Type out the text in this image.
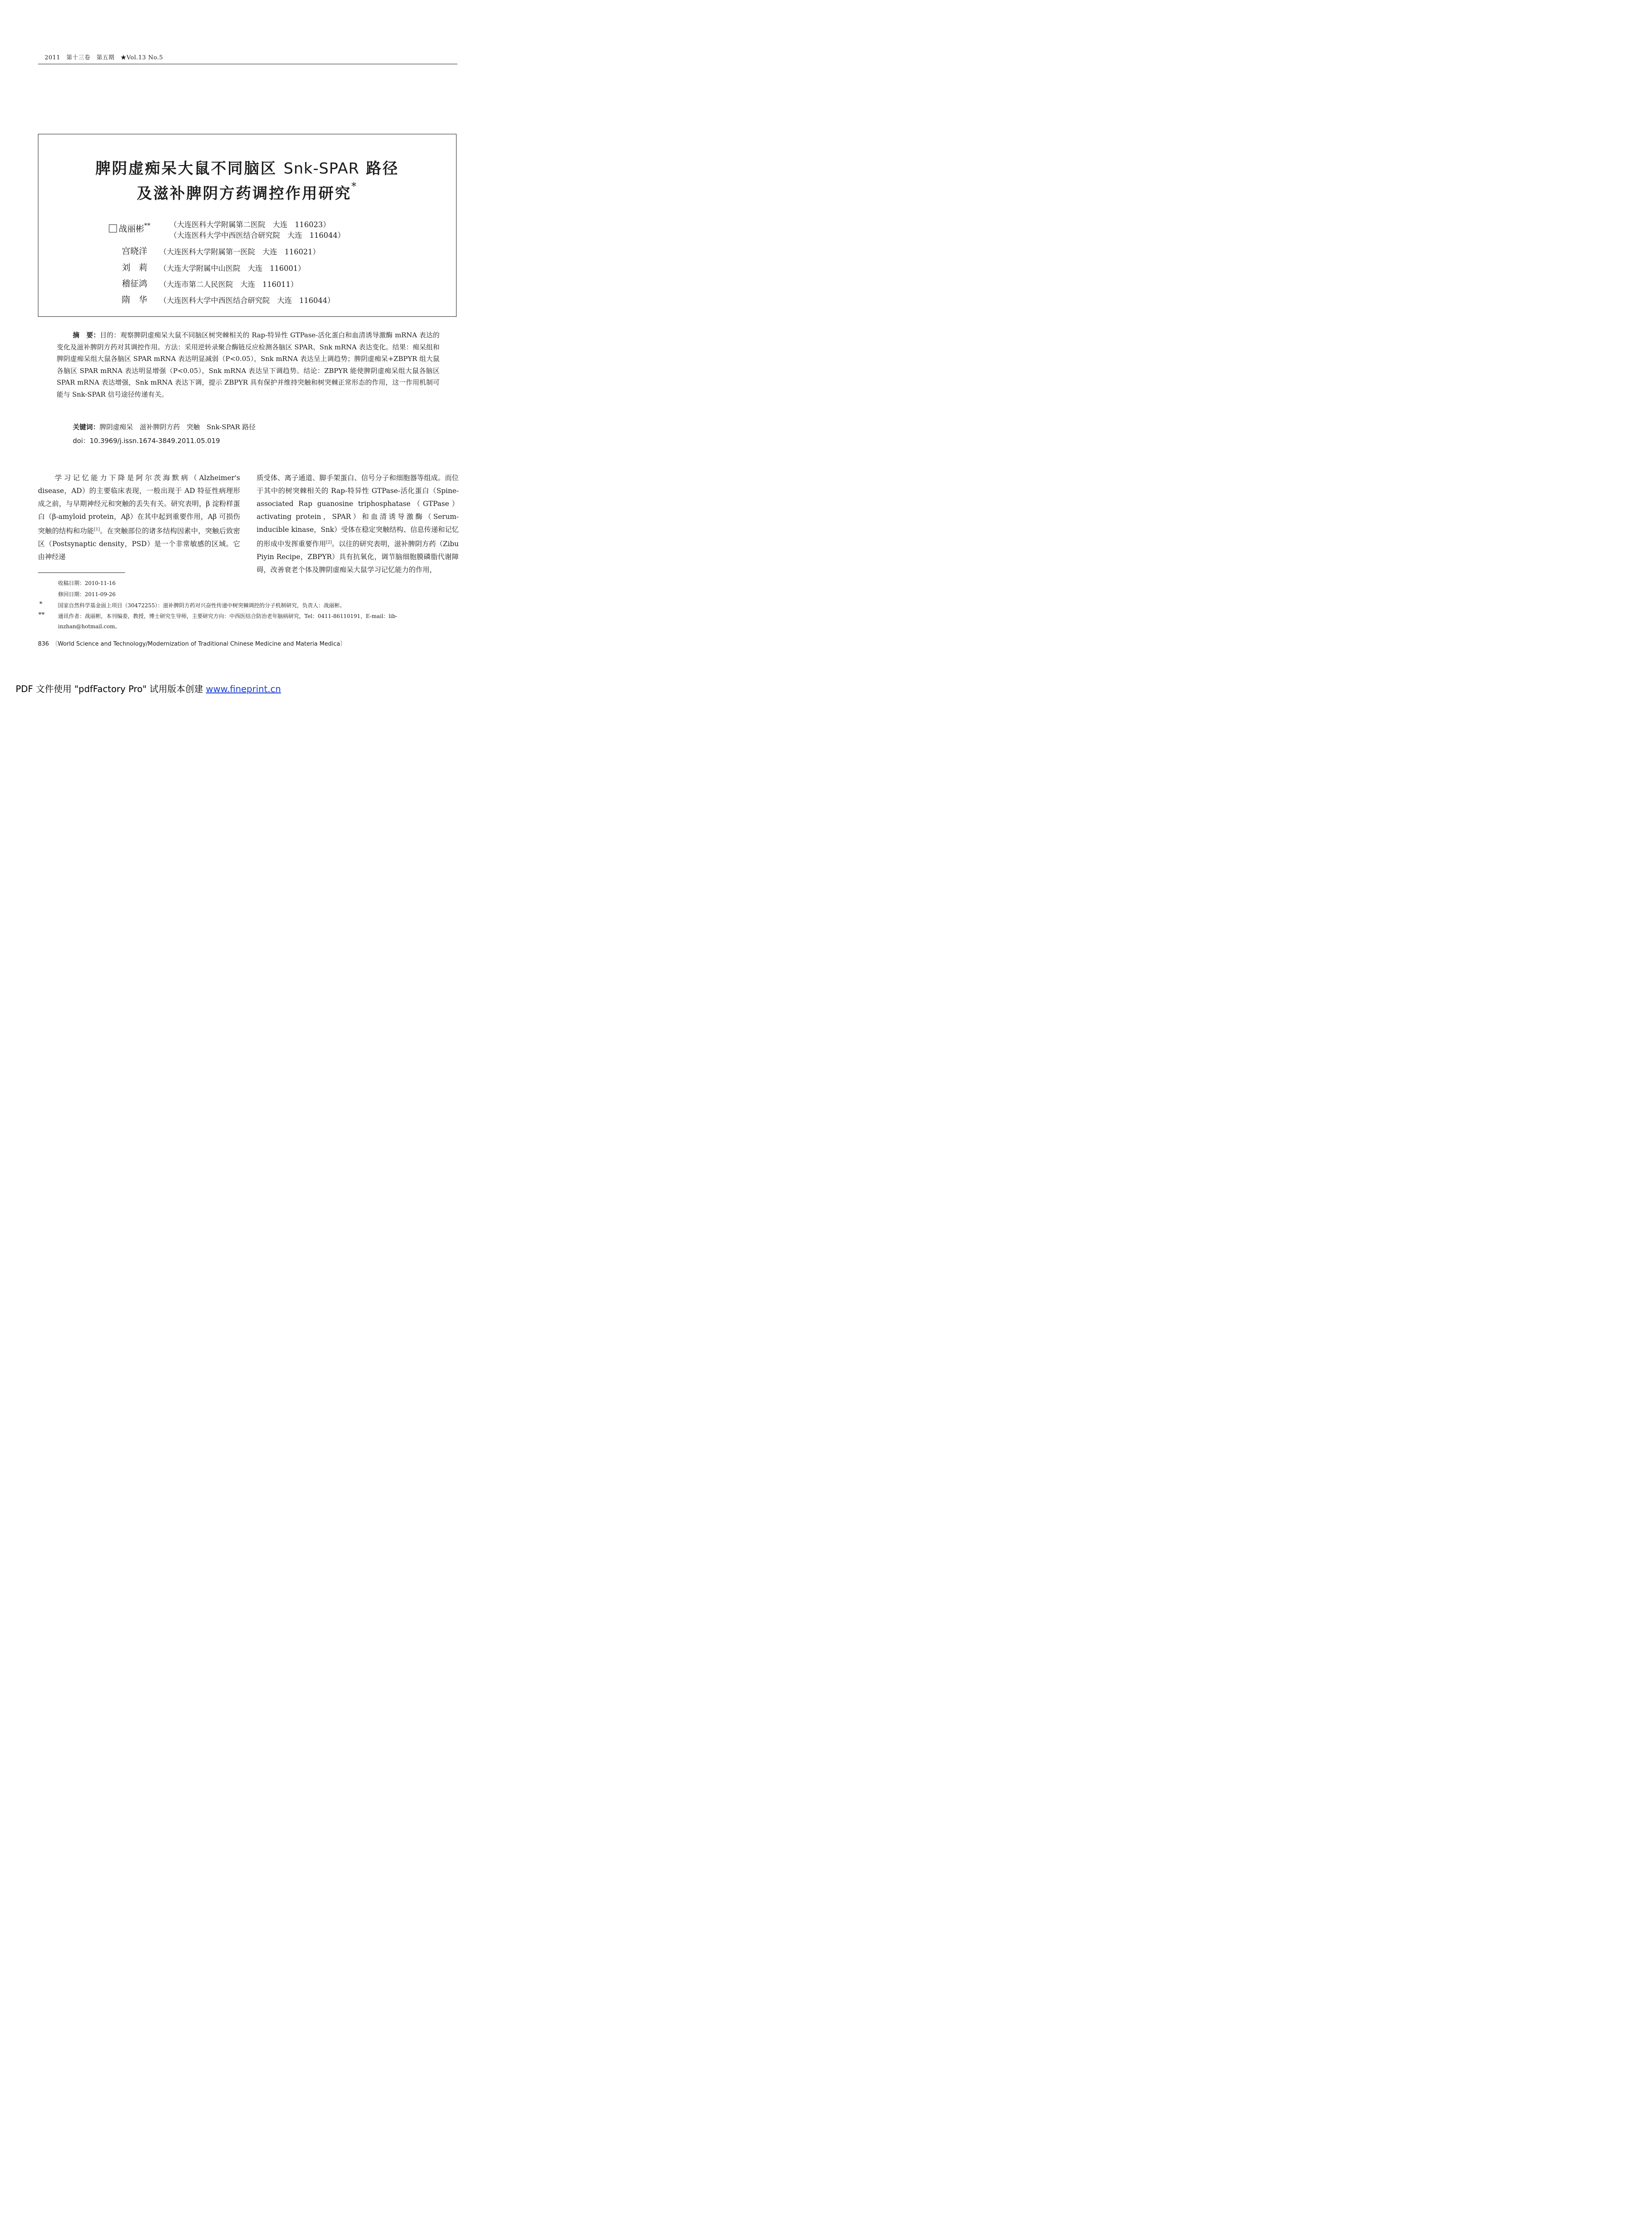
2011　第十三卷　第五期　★Vol.13 No.5
脾阴虚痴呆大鼠不同脑区 Snk-SPAR 路径
及滋补脾阴方药调控作用研究*
战丽彬**	（大连医科大学附属第二医院　大连　116023）
（大连医科大学中西医结合研究院　大连　116044）
宫晓洋 （大连医科大学附属第一医院　大连　116021）
刘　莉 （大连大学附属中山医院　大连　116001）
稽征鸿 （大连市第二人民医院　大连　116011）
隋　华 （大连医科大学中西医结合研究院　大连　116044）
摘　要：目的：观察脾阴虚痴呆大鼠不同脑区树突棘相关的 Rap-特异性 GTPase-活化蛋白和血清诱导激酶 mRNA 表达的变化及滋补脾阴方药对其调控作用。方法：采用逆转录聚合酶链反应检测各脑区 SPAR、Snk mRNA 表达变化。结果：痴呆组和脾阴虚痴呆组大鼠各脑区 SPAR mRNA 表达明显减弱（P<0.05），Snk mRNA 表达呈上调趋势；脾阴虚痴呆+ZBPYR 组大鼠各脑区 SPAR mRNA 表达明显增强（P<0.05），Snk mRNA 表达呈下调趋势。结论：ZBPYR 能使脾阴虚痴呆组大鼠各脑区 SPAR mRNA 表达增强，Snk mRNA 表达下调，提示 ZBPYR 具有保护并维持突触和树突棘正常形态的作用，这一作用机制可能与 Snk-SPAR 信号途径传递有关。
关键词：脾阴虚痴呆　滋补脾阴方药　突触　Snk-SPAR 路径
doi：10.3969/j.issn.1674-3849.2011.05.019
学习记忆能力下降是阿尔茨海默病（Alzheimer's disease，AD）的主要临床表现，一般出现于 AD 特征性病理形成之前，与早期神经元和突触的丢失有关。研究表明，β 淀粉样蛋白（β-amyloid protein，Aβ）在其中起到重要作用，Aβ 可损伤突触的结构和功能[1]。在突触部位的诸多结构因素中，突触后致密区（Postsynaptic density，PSD）是一个非常敏感的区域。它由神经递
质受体、离子通道、脚手架蛋白、信号分子和细胞器等组成。而位于其中的树突棘相关的 Rap-特异性 GTPase-活化蛋白（Spine-associated Rap guanosine triphosphatase（GTPase）activating protein，SPAR）和血清诱导激酶（Serum-inducible kinase，Snk）受体在稳定突触结构、信息传递和记忆的形成中发挥重要作用[2]。以往的研究表明，滋补脾阴方药（Zibu Piyin Recipe，ZBPYR）具有抗氧化，调节脑细胞膜磷脂代谢障碍，改善衰老个体及脾阴虚痴呆大鼠学习记忆能力的作用，
收稿日期：2010-11-16
修回日期：2011-09-26
*	国家自然科学基金面上项目（30472255）：滋补脾阴方药对兴奋性传递中树突棘调控的分子机制研究，负责人：战丽彬。
**	通讯作者：战丽彬，本刊编委，教授，博士研究生导师，主要研究方向：中西医结合防治老年脑病研究，Tel：0411-86110191，E-mail：lib-
inzhan@hotmail.com。
836　〔World Science and Technology/Modernization of Traditional Chinese Medicine and Materia Medica〕
PDF 文件使用 "pdfFactory Pro" 试用版本创建 www.fineprint.cn
